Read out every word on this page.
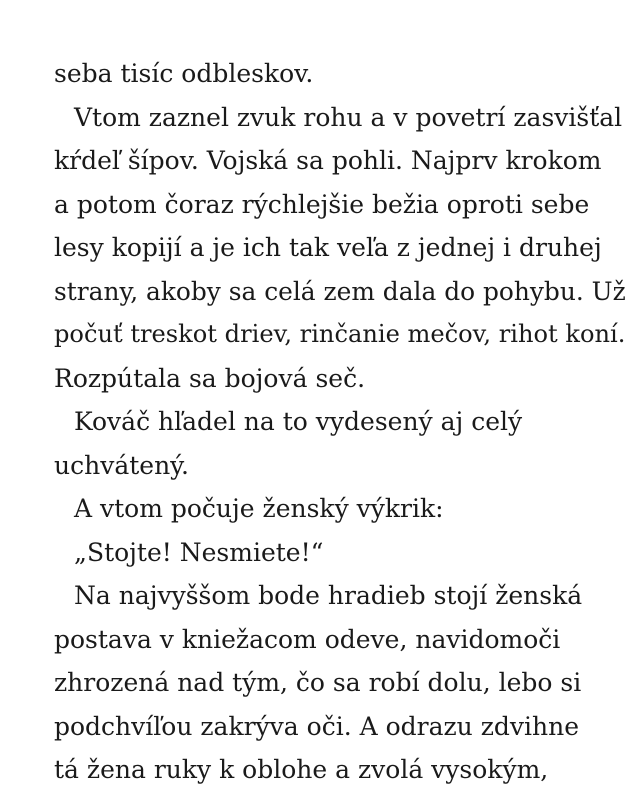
seba tisíc odbleskov.
Vtom zaznel zvuk rohu a v povetrí zasvišťal
kŕdeľ šípov. Vojská sa pohli. Najprv krokom
a potom čoraz rýchlejšie bežia oproti sebe
lesy kopijí a je ich tak veľa z jednej i druhej
strany, akoby sa celá zem dala do pohybu. Už
počuť treskot driev, rinčanie mečov, rihot koní.
Rozpútala sa bojová seč.
Kováč hľadel na to vydesený aj celý
uchvátený.
A vtom počuje ženský výkrik:
„Stojte! Nesmiete!“
Na najvyššom bode hradieb stojí ženská
postava v kniežacom odeve, navidomoči
zhrozená nad tým, čo sa robí dolu, lebo si
podchvíľou zakrýva oči. A odrazu zdvihne
tá žena ruky k oblohe a zvolá vysokým,
